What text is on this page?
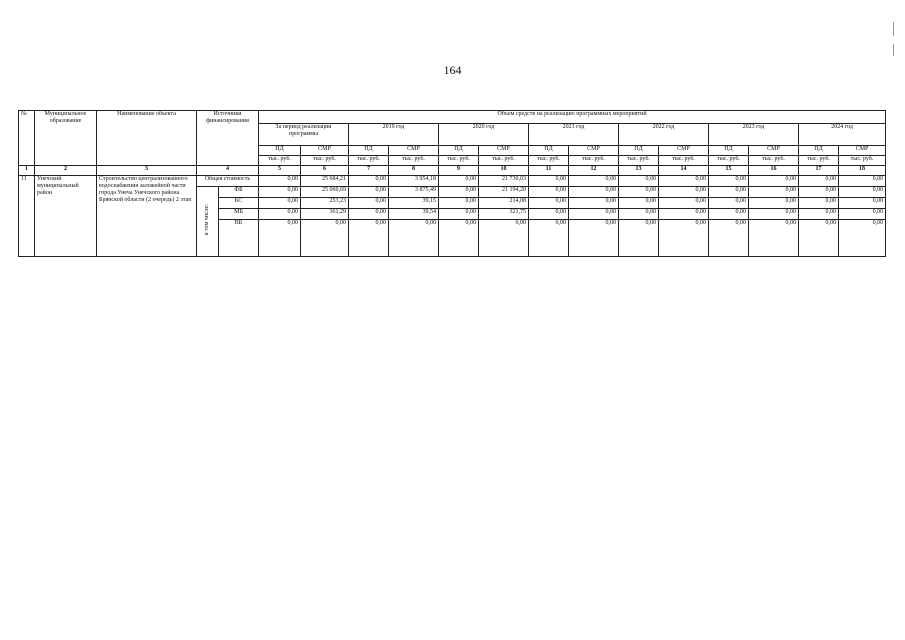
164
№	Муниципальное образование	Наименование объекта	Источники финансирования		Объем средств на реализацию программных мероприятий													
					За период реализации программы		2019 год		2020 год		2021 год		2022 год		2023 год		2024 год	
					ПД	СМР	ПД	СМР	ПД	СМР	ПД	СМР	ПД	СМР	ПД	СМР	ПД	СМР
					тыс. руб.	тыс. руб.	тыс. руб.	тыс. руб.	тыс. руб.	тыс. руб.	тыс. руб.	тыс. руб.	тыс. руб.	тыс. руб.	тыс. руб.	тыс. руб.	тыс. руб.	тыс. руб.
1	2	3	4		5	6	7	8	9	10	11	12	13	14	15	16	17	18
11	Унечский муниципальный район	Строительство централизованного водоснабжения заложейной части города Унеча Унечского района Брянской области (2 очередь) 2 этап	Общая стоимость		0,00	25 684,21	0,00	3 954,18	0,00	21 730,03	0,00	0,00	0,00	0,00	0,00	0,00	0,00	0,00
			в том числе:	ФБ	0,00	25 069,69	0,00	3 875,49	0,00	21 194,20	0,00	0,00	0,00	0,00	0,00	0,00	0,00	0,00
				БС	0,00	253,23	0,00	39,15	0,00	214,08	0,00	0,00	0,00	0,00	0,00	0,00	0,00	0,00
				МБ	0,00	361,29	0,00	39,54	0,00	321,75	0,00	0,00	0,00	0,00	0,00	0,00	0,00	0,00
				ВБ	0,00	0,00	0,00	0,00	0,00	0,00	0,00	0,00	0,00	0,00	0,00	0,00	0,00	0,00
